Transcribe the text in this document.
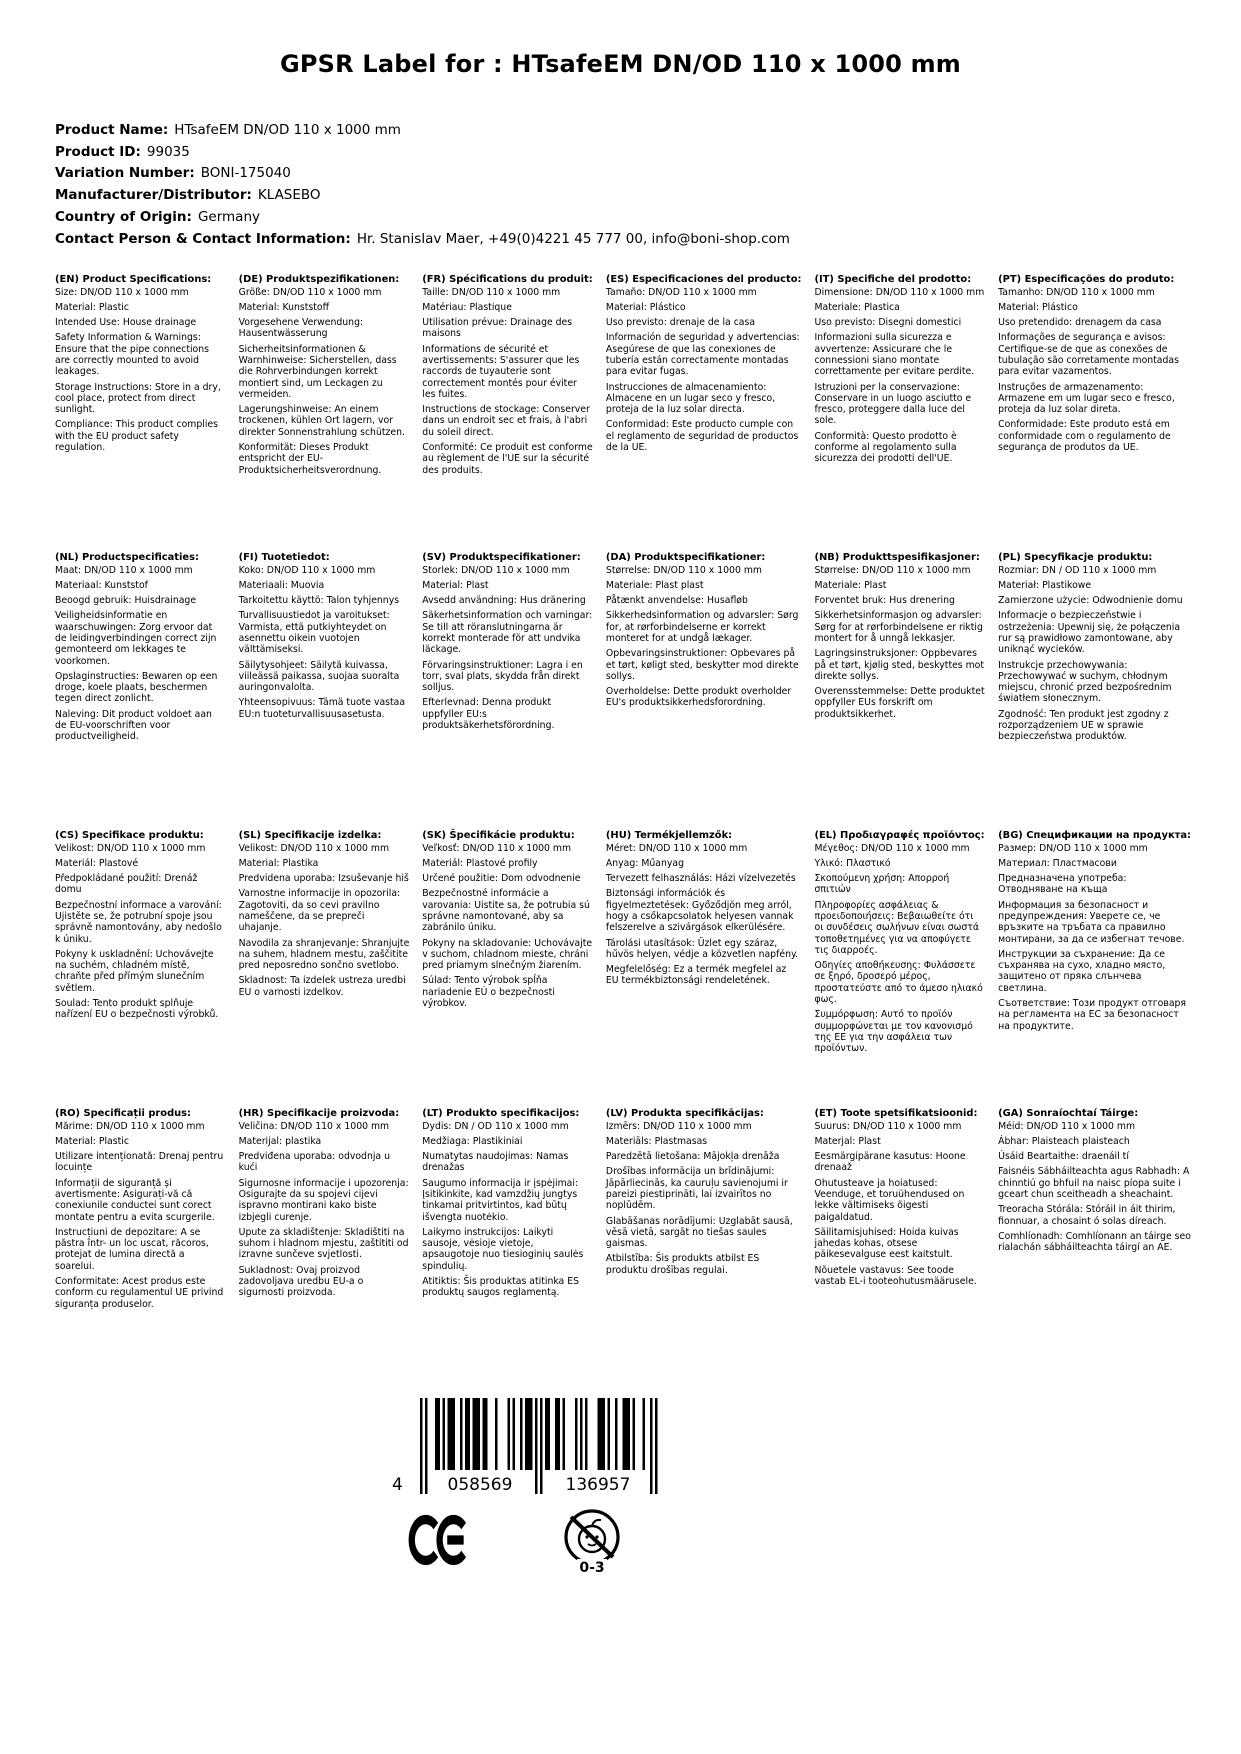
GPSR Label for : HTsafeEM DN/OD 110 x 1000 mm
Product Name: HTsafeEM DN/OD 110 x 1000 mm
Product ID: 99035
Variation Number: BONI-175040
Manufacturer/Distributor: KLASEBO
Country of Origin: Germany
Contact Person & Contact Information: Hr. Stanislav Maer, +49(0)4221 45 777 00, info@boni-shop.com
(EN) Product Specifications:

Size: DN/OD 110 x 1000 mm

Material: Plastic

Intended Use: House drainage

Safety Information & Warnings: Ensure that the pipe connections are correctly mounted to avoid leakages.

Storage Instructions: Store in a dry, cool place, protect from direct sunlight.

Compliance: This product complies with the EU product safety regulation.

(DE) Produktspezifikationen:

Größe: DN/OD 110 x 1000 mm

Material: Kunststoff

Vorgesehene Verwendung: Hausentwässerung

Sicherheitsinformationen & Warnhinweise: Sicherstellen, dass die Rohrverbindungen korrekt montiert sind, um Leckagen zu vermeiden.

Lagerungshinweise: An einem trockenen, kühlen Ort lagern, vor direkter Sonnenstrahlung schützen.

Konformität: Dieses Produkt entspricht der EU-Produktsicherheitsverordnung.

(FR) Spécifications du produit:

Taille: DN/OD 110 x 1000 mm

Matériau: Plastique

Utilisation prévue: Drainage des maisons

Informations de sécurité et avertissements: S'assurer que les raccords de tuyauterie sont correctement montés pour éviter les fuites.

Instructions de stockage: Conserver dans un endroit sec et frais, à l'abri du soleil direct.

Conformité: Ce produit est conforme au règlement de l'UE sur la sécurité des produits.

(ES) Especificaciones del producto:

Tamaño: DN/OD 110 x 1000 mm

Material: Plástico

Uso previsto: drenaje de la casa

Información de seguridad y advertencias: Asegúrese de que las conexiones de tubería están correctamente montadas para evitar fugas.

Instrucciones de almacenamiento: Almacene en un lugar seco y fresco, proteja de la luz solar directa.

Conformidad: Este producto cumple con el reglamento de seguridad de productos de la UE.

(IT) Specifiche del prodotto:

Dimensione: DN/OD 110 x 1000 mm

Materiale: Plastica

Uso previsto: Disegni domestici

Informazioni sulla sicurezza e avvertenze: Assicurare che le connessioni siano montate correttamente per evitare perdite.

Istruzioni per la conservazione: Conservare in un luogo asciutto e fresco, proteggere dalla luce del sole.

Conformità: Questo prodotto è conforme al regolamento sulla sicurezza dei prodotti dell'UE.

(PT) Especificações do produto:

Tamanho: DN/OD 110 x 1000 mm

Material: Plástico

Uso pretendido: drenagem da casa

Informações de segurança e avisos: Certifique-se de que as conexões de tubulação são corretamente montadas para evitar vazamentos.

Instruções de armazenamento: Armazene em um lugar seco e fresco, proteja da luz solar direta.

Conformidade: Este produto está em conformidade com o regulamento de segurança de produtos da UE.

(NL) Productspecificaties:

Maat: DN/OD 110 x 1000 mm

Materiaal: Kunststof

Beoogd gebruik: Huisdrainage

Veiligheidsinformatie en waarschuwingen: Zorg ervoor dat de leidingverbindingen correct zijn gemonteerd om lekkages te voorkomen.

Opslaginstructies: Bewaren op een droge, koele plaats, beschermen tegen direct zonlicht.

Naleving: Dit product voldoet aan de EU-voorschriften voor productveiligheid.

(FI) Tuotetiedot:

Koko: DN/OD 110 x 1000 mm

Materiaali: Muovia

Tarkoitettu käyttö: Talon tyhjennys

Turvallisuustiedot ja varoitukset: Varmista, että putkiyhteydet on asennettu oikein vuotojen välttämiseksi.

Säilytysohjeet: Säilytä kuivassa, viileässä paikassa, suojaa suoralta auringonvalolta.

Yhteensopivuus: Tämä tuote vastaa EU:n tuoteturvallisuusasetusta.

(SV) Produktspecifikationer:

Storlek: DN/OD 110 x 1000 mm

Material: Plast

Avsedd användning: Hus dränering

Säkerhetsinformation och varningar: Se till att röranslutningarna är korrekt monterade för att undvika läckage.

Förvaringsinstruktioner: Lagra i en torr, sval plats, skydda från direkt solljus.

Efterlevnad: Denna produkt uppfyller EU:s produktsäkerhetsförordning.

(DA) Produktspecifikationer:

Størrelse: DN/OD 110 x 1000 mm

Materiale: Plast plast

Påtænkt anvendelse: Husafløb

Sikkerhedsinformation og advarsler: Sørg for, at rørforbindelserne er korrekt monteret for at undgå lækager.

Opbevaringsinstruktioner: Opbevares på et tørt, køligt sted, beskytter mod direkte sollys.

Overholdelse: Dette produkt overholder EU's produktsikkerhedsforordning.

(NB) Produkttspesifikasjoner:

Størrelse: DN/OD 110 x 1000 mm

Materiale: Plast

Forventet bruk: Hus drenering

Sikkerhetsinformasjon og advarsler: Sørg for at rørforbindelsene er riktig montert for å unngå lekkasjer.

Lagringsinstruksjoner: Oppbevares på et tørt, kjølig sted, beskyttes mot direkte sollys.

Overensstemmelse: Dette produktet oppfyller EUs forskrift om produktsikkerhet.

(PL) Specyfikacje produktu:

Rozmiar: DN / OD 110 x 1000 mm

Materiał: Plastikowe

Zamierzone użycie: Odwodnienie domu

Informacje o bezpieczeństwie i ostrzeżenia: Upewnij się, że połączenia rur są prawidłowo zamontowane, aby uniknąć wycieków.

Instrukcje przechowywania: Przechowywać w suchym, chłodnym miejscu, chronić przed bezpośrednim światłem słonecznym.

Zgodność: Ten produkt jest zgodny z rozporządzeniem UE w sprawie bezpieczeństwa produktów.

(CS) Specifikace produktu:

Velikost: DN/OD 110 x 1000 mm

Materiál: Plastové

Předpokládané použití: Drenáž domu

Bezpečnostní informace a varování: Ujistěte se, že potrubní spoje jsou správně namontovány, aby nedošlo k úniku.

Pokyny k uskladnění: Uchovávejte na suchém, chladném místě, chraňte před přímým slunečním světlem.

Soulad: Tento produkt splňuje nařízení EU o bezpečnosti výrobků.

(SL) Specifikacije izdelka:

Velikost: DN/OD 110 x 1000 mm

Material: Plastika

Predvidena uporaba: Izsuševanje hiš

Varnostne informacije in opozorila: Zagotoviti, da so cevi pravilno nameščene, da se prepreči uhajanje.

Navodila za shranjevanje: Shranjujte na suhem, hladnem mestu, zaščitite pred neposredno sončno svetlobo.

Skladnost: Ta izdelek ustreza uredbi EU o varnosti izdelkov.

(SK) Špecifikácie produktu:

Veľkosť: DN/OD 110 x 1000 mm

Materiál: Plastové profily

Určené použitie: Dom odvodnenie

Bezpečnostné informácie a varovania: Uistite sa, že potrubia sú správne namontované, aby sa zabránilo úniku.

Pokyny na skladovanie: Uchovávajte v suchom, chladnom mieste, chráni pred priamym slnečným žiarením.

Súlad: Tento výrobok spĺňa nariadenie EÚ o bezpečnosti výrobkov.

(HU) Termékjellemzők:

Méret: DN/OD 110 x 1000 mm

Anyag: Műanyag

Tervezett felhasználás: Házi vízelvezetés

Biztonsági információk és figyelmeztetések: Győződjön meg arról, hogy a csőkapcsolatok helyesen vannak felszerelve a szivárgások elkerülésére.

Tárolási utasítások: Üzlet egy száraz, hűvös helyen, védje a közvetlen napfény.

Megfelelőség: Ez a termék megfelel az EU termékbiztonsági rendeletének.

(EL) Προδιαγραφές προϊόντος:

Μέγεθος: DN/OD 110 x 1000 mm

Υλικό: Πλαστικό

Σκοπούμενη χρήση: Απορροή σπιτιών

Πληροφορίες ασφάλειας & προειδοποιήσεις: Βεβαιωθείτε ότι οι συνδέσεις σωλήνων είναι σωστά τοποθετημένες για να αποφύγετε τις διαρροές.

Οδηγίες αποθήκευσης: Φυλάσσετε σε ξηρό, δροσερό μέρος, προστατεύστε από το άμεσο ηλιακό φως.

Συμμόρφωση: Αυτό το προϊόν συμμορφώνεται με τον κανονισμό της ΕΕ για την ασφάλεια των προϊόντων.

(BG) Спецификации на продукта:

Размер: DN/OD 110 x 1000 mm

Материал: Пластмасови

Предназначена употреба: Отводняване на къща

Информация за безопасност и предупреждения: Уверете се, че връзките на тръбата са правилно монтирани, за да се избегнат течове.

Инструкции за съхранение: Да се съхранява на сухо, хладно място, защитено от пряка слънчева светлина.

Съответствие: Този продукт отговаря на регламента на ЕС за безопасност на продуктите.

(RO) Specificații produs:

Mărime: DN/OD 110 x 1000 mm

Material: Plastic

Utilizare intenționată: Drenaj pentru locuințe

Informații de siguranță și avertismente: Asigurați-vă că conexiunile conductei sunt corect montate pentru a evita scurgerile.

Instrucțiuni de depozitare: A se păstra într- un loc uscat, răcoros, protejat de lumina directă a soarelui.

Conformitate: Acest produs este conform cu regulamentul UE privind siguranța produselor.

(HR) Specifikacije proizvoda:

Veličina: DN/OD 110 x 1000 mm

Materijal: plastika

Predviđena uporaba: odvodnja u kući

Sigurnosne informacije i upozorenja: Osigurajte da su spojevi cijevi ispravno montirani kako biste izbjegli curenje.

Upute za skladištenje: Skladištiti na suhom i hladnom mjestu, zaštititi od izravne sunčeve svjetlosti.

Sukladnost: Ovaj proizvod zadovoljava uredbu EU-a o sigurnosti proizvoda.

(LT) Produkto specifikacijos:

Dydis: DN / OD 110 x 1000 mm

Medžiaga: Plastikiniai

Numatytas naudojimas: Namas drenažas

Saugumo informacija ir įspėjimai: Įsitikinkite, kad vamzdžių jungtys tinkamai pritvirtintos, kad būtų išvengta nuotėkio.

Laikymo instrukcijos: Laikyti sausoje, vėsioje vietoje, apsaugotoje nuo tiesioginių saulės spindulių.

Atitiktis: Šis produktas atitinka ES produktų saugos reglamentą.

(LV) Produkta specifikācijas:

Izmērs: DN/OD 110 x 1000 mm

Materiāls: Plastmasas

Paredzētā lietošana: Mājokļa drenāža

Drošības informācija un brīdinājumi: Jāpārliecinās, ka cauruļu savienojumi ir pareizi piestiprināti, lai izvairītos no noplūdēm.

Glabāšanas norādījumi: Uzglabāt sausā, vēsā vietā, sargāt no tiešas saules gaismas.

Atbilstība: Šis produkts atbilst ES produktu drošības regulai.

(ET) Toote spetsifikatsioonid:

Suurus: DN/OD 110 x 1000 mm

Materjal: Plast

Eesmärgipärane kasutus: Hoone drenaaž

Ohutusteave ja hoiatused: Veenduge, et toruühendused on lekke vältimiseks õigesti paigaldatud.

Säilitamisjuhised: Hoida kuivas jahedas kohas, otsese päikesevalguse eest kaitstult.

Nõuetele vastavus: See toode vastab EL-i tooteohutusmäärusele.

(GA) Sonraíochtaí Táirge:

Méid: DN/OD 110 x 1000 mm

Ábhar: Plaisteach plaisteach

Úsáid Beartaithe: draenáil tí

Faisnéis Sábháilteachta agus Rabhadh: A chinntiú go bhfuil na naisc píopa suite i gceart chun sceitheadh a sheachaint.

Treoracha Stórála: Stóráil in áit thirim, fionnuar, a chosaint ó solas díreach.

Comhlíonadh: Comhlíonann an táirge seo rialachán sábháilteachta táirgí an AE.

4	058569	136957
0-3
